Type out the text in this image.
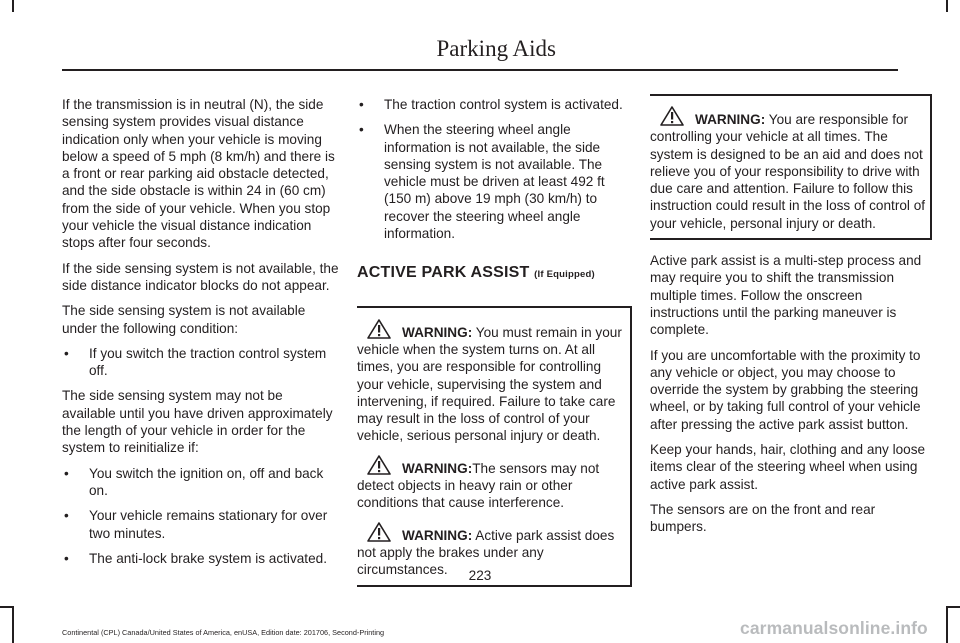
Parking Aids

If the transmission is in neutral (N), the side sensing system provides visual distance indication only when your vehicle is moving below a speed of 5 mph (8 km/h) and there is a front or rear parking aid obstacle detected, and the side obstacle is within 24 in (60 cm) from the side of your vehicle. When you stop your vehicle the visual distance indication stops after four seconds.

If the side sensing system is not available, the side distance indicator blocks do not appear.

The side sensing system is not available under the following condition:

• If you switch the traction control system off.

The side sensing system may not be available until you have driven approximately the length of your vehicle in order for the system to reinitialize if:

• You switch the ignition on, off and back on.
• Your vehicle remains stationary for over two minutes.
• The anti-lock brake system is activated.
• The traction control system is activated.
• When the steering wheel angle information is not available, the side sensing system is not available. The vehicle must be driven at least 492 ft (150 m) above 19 mph (30 km/h) to recover the steering wheel angle information.
ACTIVE PARK ASSIST (If Equipped)
WARNING: You must remain in your vehicle when the system turns on. At all times, you are responsible for controlling your vehicle, supervising the system and intervening, if required. Failure to take care may result in the loss of control of your vehicle, serious personal injury or death.
WARNING:The sensors may not detect objects in heavy rain or other conditions that cause interference.
WARNING: Active park assist does not apply the brakes under any circumstances.
WARNING: You are responsible for controlling your vehicle at all times. The system is designed to be an aid and does not relieve you of your responsibility to drive with due care and attention. Failure to follow this instruction could result in the loss of control of your vehicle, personal injury or death.

Active park assist is a multi-step process and may require you to shift the transmission multiple times. Follow the onscreen instructions until the parking maneuver is complete.

If you are uncomfortable with the proximity to any vehicle or object, you may choose to override the system by grabbing the steering wheel, or by taking full control of your vehicle after pressing the active park assist button.

Keep your hands, hair, clothing and any loose items clear of the steering wheel when using active park assist.

The sensors are on the front and rear bumpers.

223
Continental (CPL) Canada/United States of America, enUSA, Edition date: 201706, Second-Printing	carmanualsonline.info
